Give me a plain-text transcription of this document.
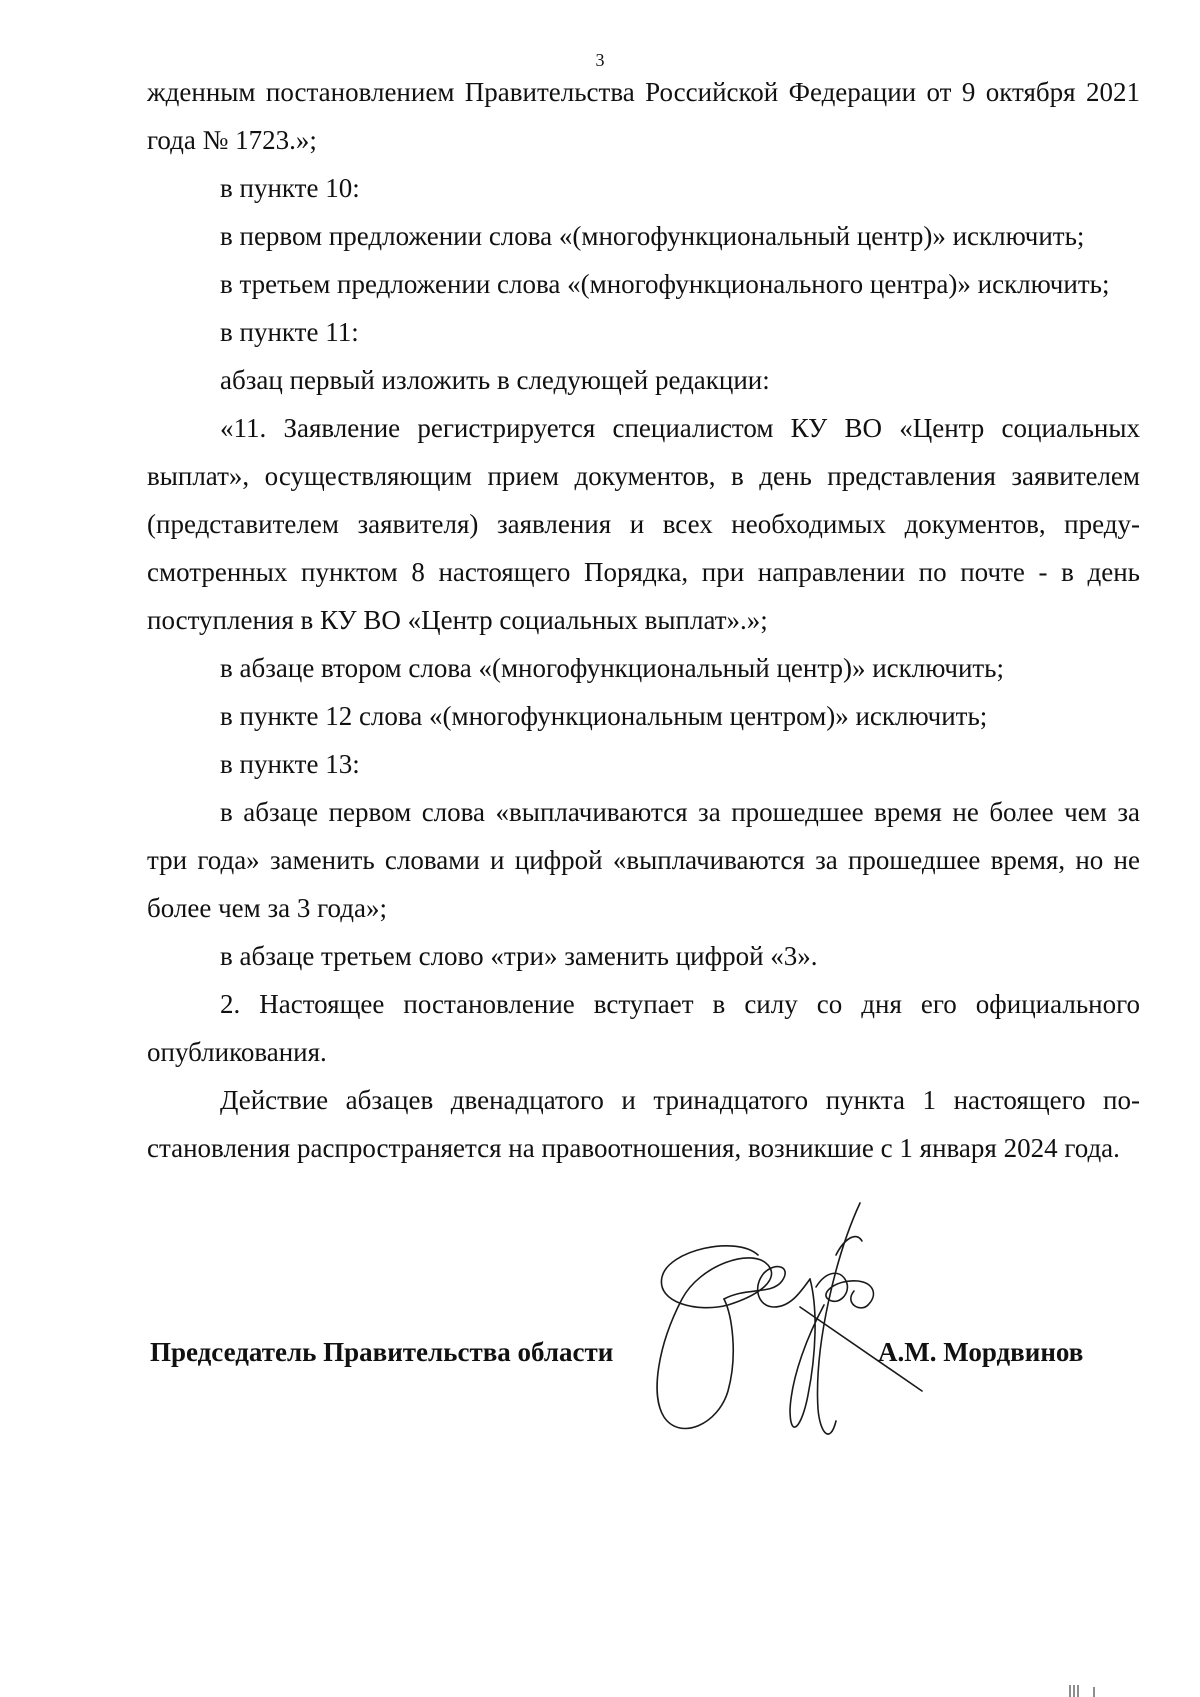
3

жденным постановлением Правительства Российской Федерации от 9 октября 2021 года № 1723.»;

в пункте 10:

в первом предложении слова «(многофункциональный центр)» исключить;

в третьем предложении слова «(многофункционального центра)» исключить;

в пункте 11:

абзац первый изложить в следующей редакции:

«11. Заявление регистрируется специалистом КУ ВО «Центр социальных выплат», осуществляющим прием документов, в день представления заявителем (представителем заявителя) заявления и всех необходимых документов, предусмотренных пунктом 8 настоящего Порядка, при направлении по почте - в день поступления в КУ ВО «Центр социальных выплат».»;

в абзаце втором слова «(многофункциональный центр)» исключить;

в пункте 12 слова «(многофункциональным центром)» исключить;

в пункте 13:

в абзаце первом слова «выплачиваются за прошедшее время не более чем за три года» заменить словами и цифрой «выплачиваются за прошедшее время, но не более чем за 3 года»;

в абзаце третьем слово «три» заменить цифрой «3».

2. Настоящее постановление вступает в силу со дня его официального опубликования.

Действие абзацев двенадцатого и тринадцатого пункта 1 настоящего постановления распространяется на правоотношения, возникшие с 1 января 2024 года.

Председатель Правительства области	А.М. Мордвинов
